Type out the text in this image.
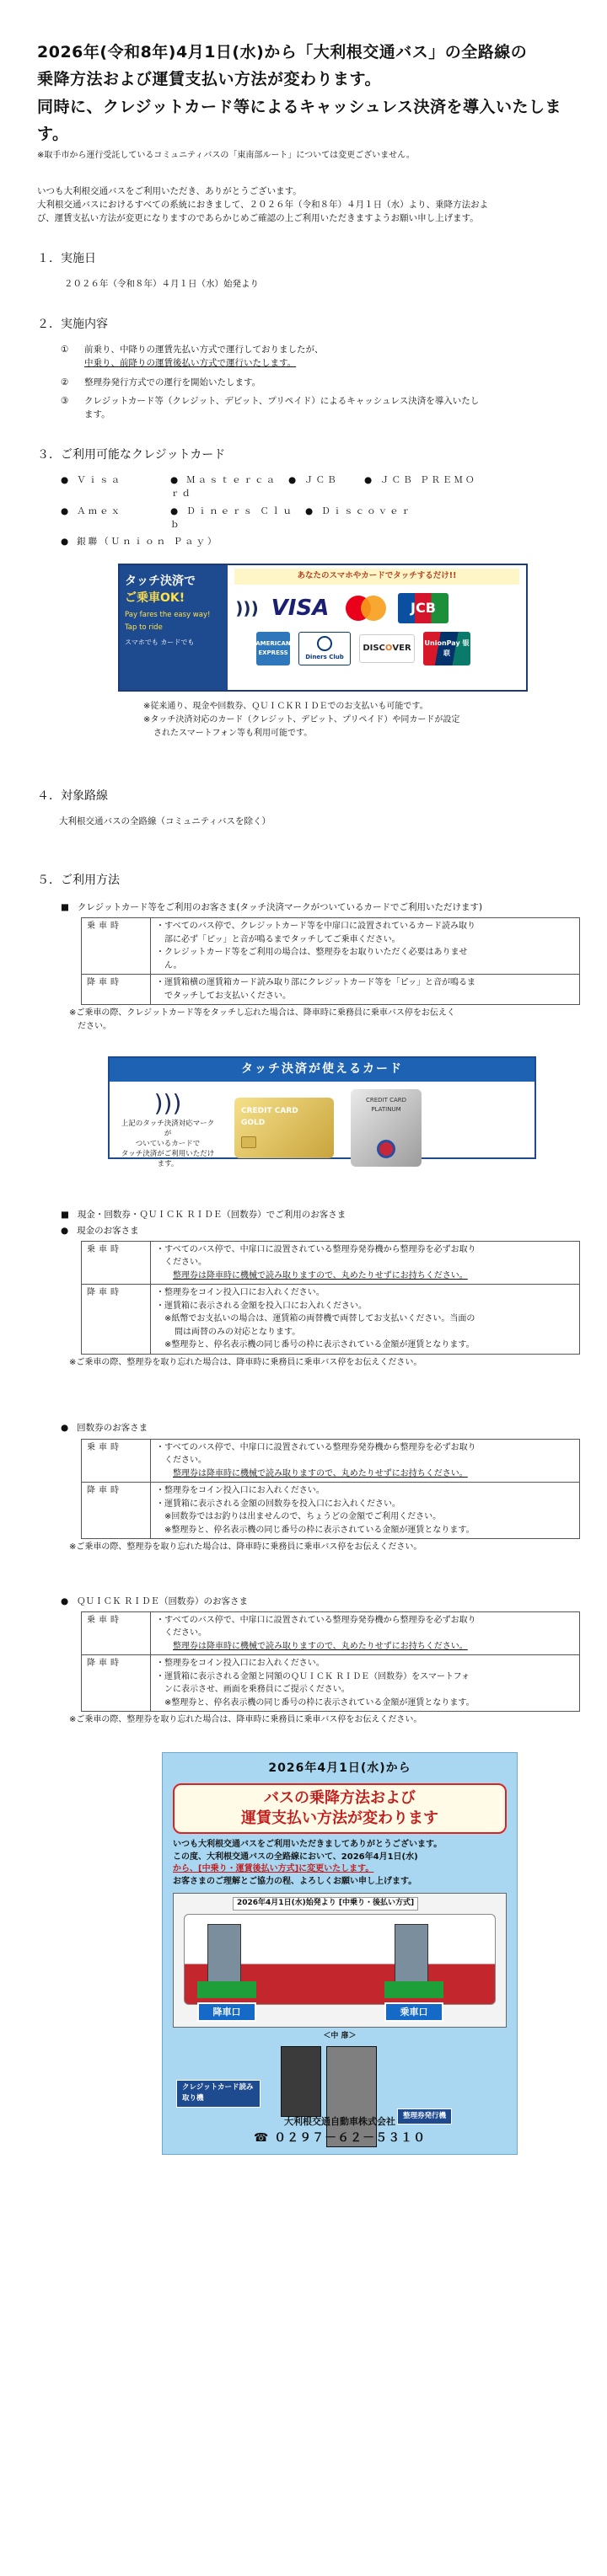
2026年(令和8年)4月1日(水)から「大利根交通バス」の全路線の
乗降方法および運賃支払い方法が変わります。
同時に、クレジットカード等によるキャッシュレス決済を導入いたします。
※取手市から運行受託しているコミュニティバスの「東南部ルート」については変更ございません。
いつも大利根交通バスをご利用いただき、ありがとうございます。
大利根交通バスにおけるすべての系統におきまして、２０２６年（令和８年）４月１日（水）より、乗降方法およ
び、運賃支払い方法が変更になりますのであらかじめご確認の上ご利用いただきますようお願い申し上げます。
１．実施日
２０２６年（令和８年）４月１日（水）始発より
２．実施内容
①	前乗り、中降りの運賃先払い方式で運行しておりましたが、
中乗り、前降りの運賃後払い方式で運行いたします。
②	整理券発行方式での運行を開始いたします。
③	クレジットカード等（クレジット、デビット、プリペイド）によるキャッシュレス決済を導入いたし
ます。
３．ご利用可能なクレジットカード
● Ｖｉｓａ	● Ｍａｓｔｅｒｃａｒｄ
● ＪＣＢ	● ＪＣＢ ＰＲＥＭＯ
● Ａｍｅｘ	● Ｄｉｎｅｒｓ Ｃｌｕｂ
● Ｄｉｓｃｏｖｅｒ
● 銀聯（Ｕｎｉｏｎ Ｐａｙ）
タッチ決済で
ご乗車OK!
Pay fares the easy way!
Tap to ride
スマホでも カードでも
あなたのスマホやカードでタッチするだけ!!
))) VISA	JCB
AMERICAN EXPRESS
Diners Club
DISC O VER
UnionPay 银联
※従来通り、現金や回数券、ＱＵＩＣＫＲＩＤＥでのお支払いも可能です。
※タッチ決済対応のカード（クレジット、デビット、プリペイド）や同カードが設定
されたスマートフォン等も利用可能です。
４．対象路線
大利根交通バスの全路線（コミュニティバスを除く）
５．ご利用方法
■ クレジットカード等をご利用のお客さま(タッチ決済マークがついているカードでご利用いただけます)
乗車時	・すべてのバス停で、クレジットカード等を中扉口に設置されているカード読み取り
部に必ず「ピッ」と音が鳴るまでタッチしてご乗車ください。
・クレジットカード等をご利用の場合は、整理券をお取りいただく必要はありませ
ん。

降車時	・運賃箱横の運賃箱カード読み取り部にクレジットカード等を「ピッ」と音が鳴るま
でタッチしてお支払いください。
※ご乗車の際、クレジットカード等をタッチし忘れた場合は、降車時に乗務員に乗車バス停をお伝えく
ださい。
タッチ決済が使えるカード
)))
上記のタッチ決済対応マークが
ついているカードで
タッチ決済がご利用いただけます。
CREDIT CARD
GOLD
CREDIT CARD PLATINUM
■ 現金・回数券・ＱＵＩＣＫ ＲＩＤＥ（回数券）でご利用のお客さま
● 現金のお客さま
乗車時	・すべてのバス停で、中扉口に設置されている整理券発券機から整理券を必ずお取り
ください。
整理券は降車時に機械で読み取りますので、丸めたりせずにお持ちください。

降車時	・整理券をコイン投入口にお入れください。
・運賃箱に表示される金額を投入口にお入れください。
※紙幣でお支払いの場合は、運賃箱の両替機で両替してお支払いください。当面の
間は両替のみの対応となります。
※整理券と、停名表示機の同じ番号の枠に表示されている金額が運賃となります。
※ご乗車の際、整理券を取り忘れた場合は、降車時に乗務員に乗車バス停をお伝えください。
● 回数券のお客さま
乗車時	・すべてのバス停で、中扉口に設置されている整理券発券機から整理券を必ずお取り
ください。
整理券は降車時に機械で読み取りますので、丸めたりせずにお持ちください。

降車時	・整理券をコイン投入口にお入れください。
・運賃箱に表示される金額の回数券を投入口にお入れください。
※回数券ではお釣りは出ませんので、ちょうどの金額でご利用ください。
※整理券と、停名表示機の同じ番号の枠に表示されている金額が運賃となります。
※ご乗車の際、整理券を取り忘れた場合は、降車時に乗務員に乗車バス停をお伝えください。
● ＱＵＩＣＫ ＲＩＤＥ（回数券）のお客さま
乗車時	・すべてのバス停で、中扉口に設置されている整理券発券機から整理券を必ずお取り
ください。
整理券は降車時に機械で読み取りますので、丸めたりせずにお持ちください。

降車時	・整理券をコイン投入口にお入れください。
・運賃箱に表示される金額と同額のＱＵＩＣＫ ＲＩＤＥ（回数券）をスマートフォ
ンに表示させ、画面を乗務員にご提示ください。
※整理券と、停名表示機の同じ番号の枠に表示されている金額が運賃となります。
※ご乗車の際、整理券を取り忘れた場合は、降車時に乗務員に乗車バス停をお伝えください。
2026年4月1日(水)から
バスの乗降方法および
運賃支払い方法が変わります
いつも大利根交通バスをご利用いただきましてありがとうございます。
この度、大利根交通バスの全路線において、2026年4月1日(水)
から、[中乗り・運賃後払い方式]に変更いたします。
お客さまのご理解とご協力の程、よろしくお願い申し上げます。
2026年4月1日(水)始発より [中乗り・後払い方式]
降車口	乗車口
＜中 扉＞
クレジットカード読み取り機
整理券発行機
大利根交通自動車株式会社
☎ ０２９７－６２－５３１０
